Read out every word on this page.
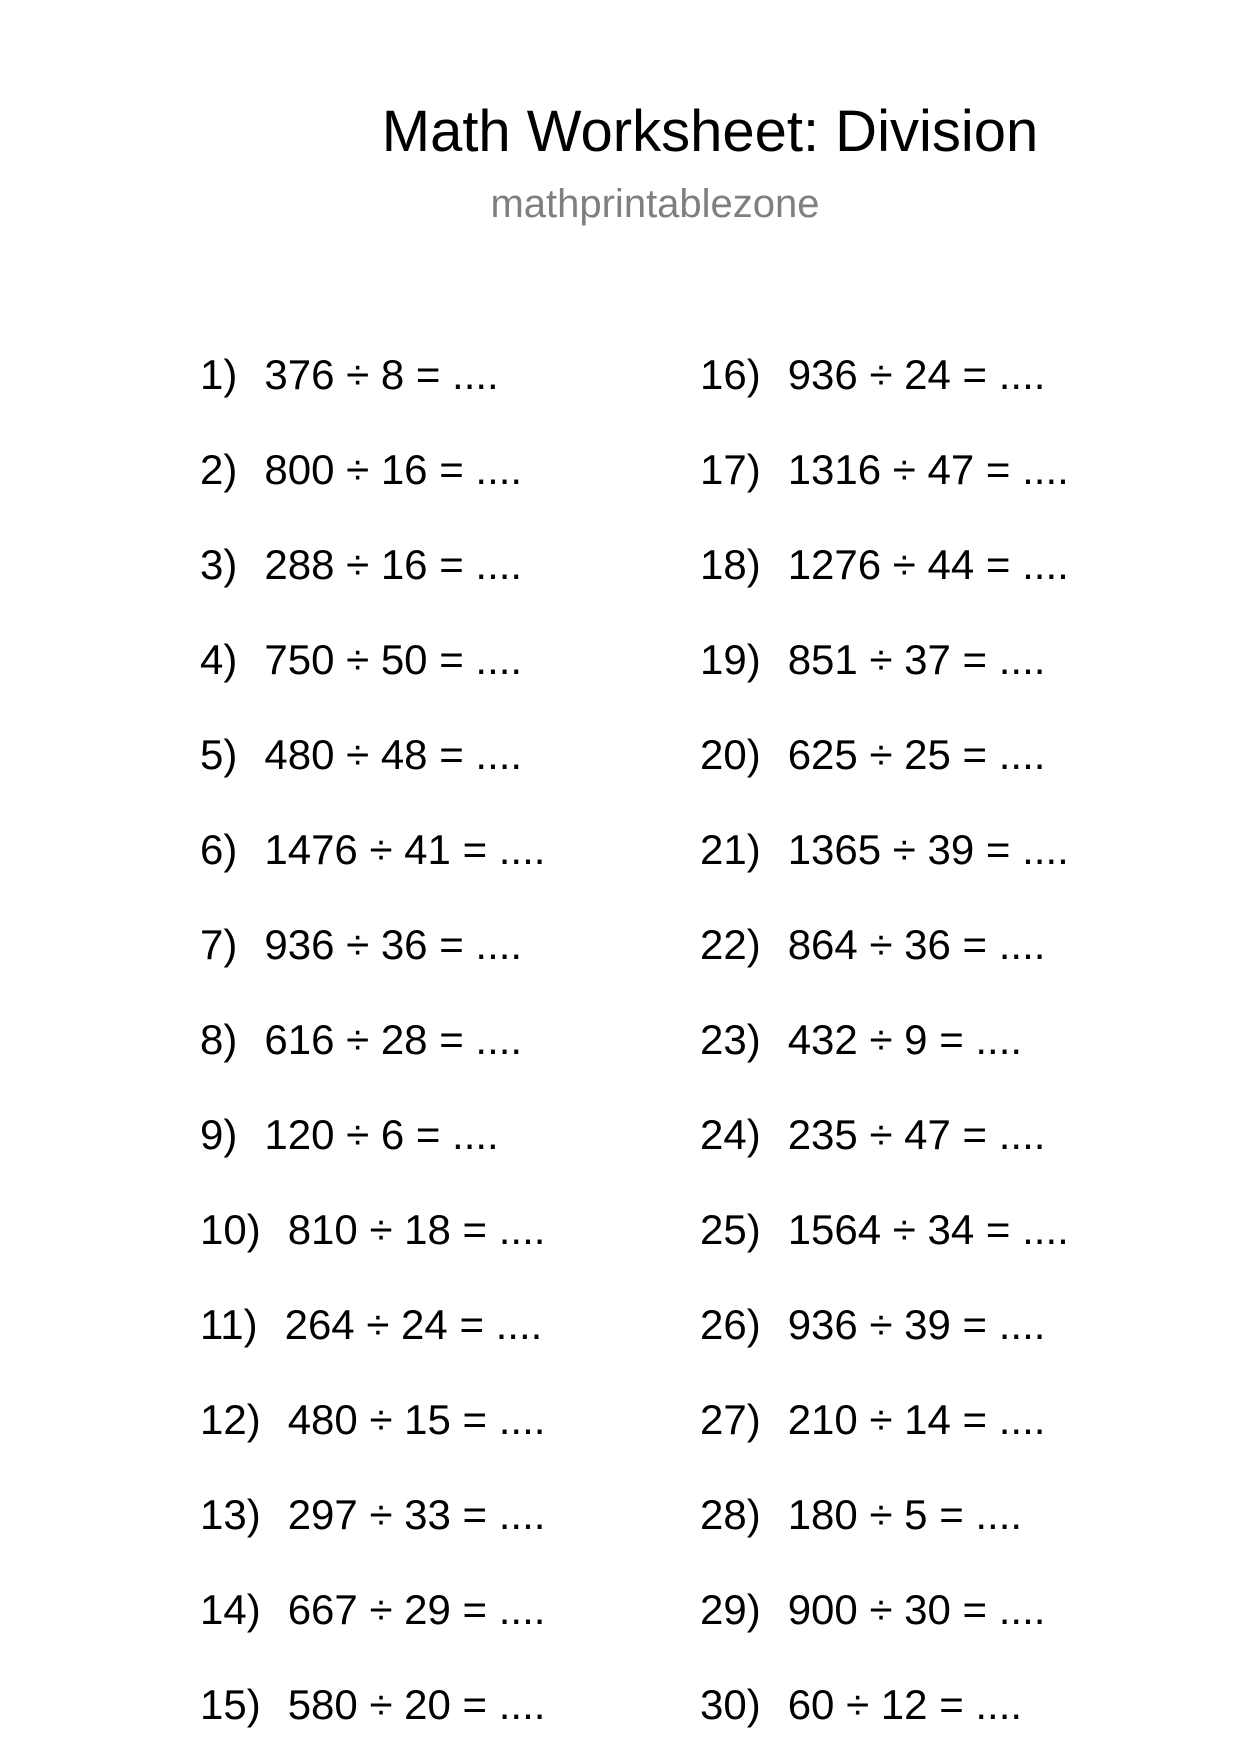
Math Worksheet: Division
mathprintablezone
1) 376 ÷ 8 = ....
2) 800 ÷ 16 = ....
3) 288 ÷ 16 = ....
4) 750 ÷ 50 = ....
5) 480 ÷ 48 = ....
6) 1476 ÷ 41 = ....
7) 936 ÷ 36 = ....
8) 616 ÷ 28 = ....
9) 120 ÷ 6 = ....
10) 810 ÷ 18 = ....
11) 264 ÷ 24 = ....
12) 480 ÷ 15 = ....
13) 297 ÷ 33 = ....
14) 667 ÷ 29 = ....
15) 580 ÷ 20 = ....
16) 936 ÷ 24 = ....
17) 1316 ÷ 47 = ....
18) 1276 ÷ 44 = ....
19) 851 ÷ 37 = ....
20) 625 ÷ 25 = ....
21) 1365 ÷ 39 = ....
22) 864 ÷ 36 = ....
23) 432 ÷ 9 = ....
24) 235 ÷ 47 = ....
25) 1564 ÷ 34 = ....
26) 936 ÷ 39 = ....
27) 210 ÷ 14 = ....
28) 180 ÷ 5 = ....
29) 900 ÷ 30 = ....
30) 60 ÷ 12 = ....
